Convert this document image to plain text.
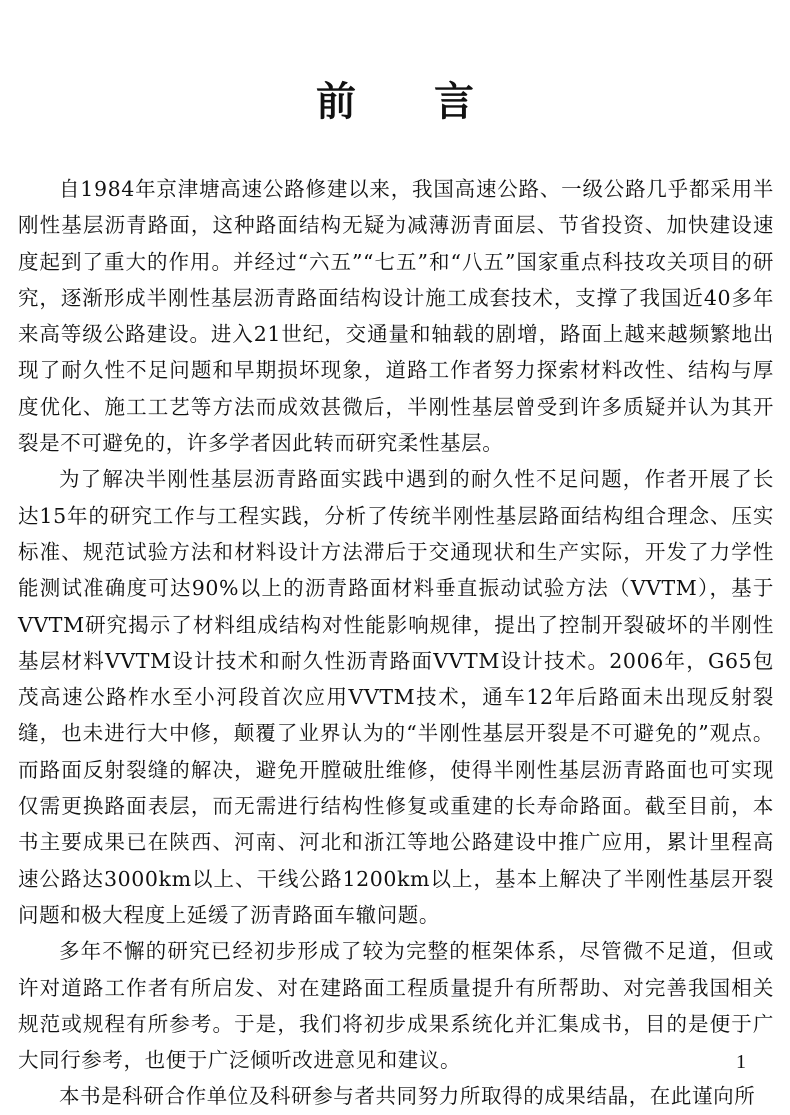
前言

自1984年京津塘高速公路修建以来，我国高速公路、一级公路几乎都采用半刚性基层沥青路面，这种路面结构无疑为减薄沥青面层、节省投资、加快建设速度起到了重大的作用。并经过“六五”“七五”和“八五”国家重点科技攻关项目的研究，逐渐形成半刚性基层沥青路面结构设计施工成套技术，支撑了我国近40多年来高等级公路建设。进入21世纪，交通量和轴载的剧增，路面上越来越频繁地出现了耐久性不足问题和早期损坏现象，道路工作者努力探索材料改性、结构与厚度优化、施工工艺等方法而成效甚微后，半刚性基层曾受到许多质疑并认为其开裂是不可避免的，许多学者因此转而研究柔性基层。

为了解决半刚性基层沥青路面实践中遇到的耐久性不足问题，作者开展了长达15年的研究工作与工程实践，分析了传统半刚性基层路面结构组合理念、压实标准、规范试验方法和材料设计方法滞后于交通现状和生产实际，开发了力学性能测试准确度可达90%以上的沥青路面材料垂直振动试验方法（VVTM），基于VVTM研究揭示了材料组成结构对性能影响规律，提出了控制开裂破坏的半刚性基层材料VVTM设计技术和耐久性沥青路面VVTM设计技术。2006年，G65包茂高速公路柞水至小河段首次应用VVTM技术，通车12年后路面未出现反射裂缝，也未进行大中修，颠覆了业界认为的“半刚性基层开裂是不可避免的”观点。而路面反射裂缝的解决，避免开膛破肚维修，使得半刚性基层沥青路面也可实现仅需更换路面表层，而无需进行结构性修复或重建的长寿命路面。截至目前，本书主要成果已在陕西、河南、河北和浙江等地公路建设中推广应用，累计里程高速公路达3000km以上、干线公路1200km以上，基本上解决了半刚性基层开裂问题和极大程度上延缓了沥青路面车辙问题。

多年不懈的研究已经初步形成了较为完整的框架体系，尽管微不足道，但或许对道路工作者有所启发、对在建路面工程质量提升有所帮助、对完善我国相关规范或规程有所参考。于是，我们将初步成果系统化并汇集成书，目的是便于广大同行参考，也便于广泛倾听改进意见和建议。

本书是科研合作单位及科研参与者共同努力所取得的成果结晶，在此谨向所

1
